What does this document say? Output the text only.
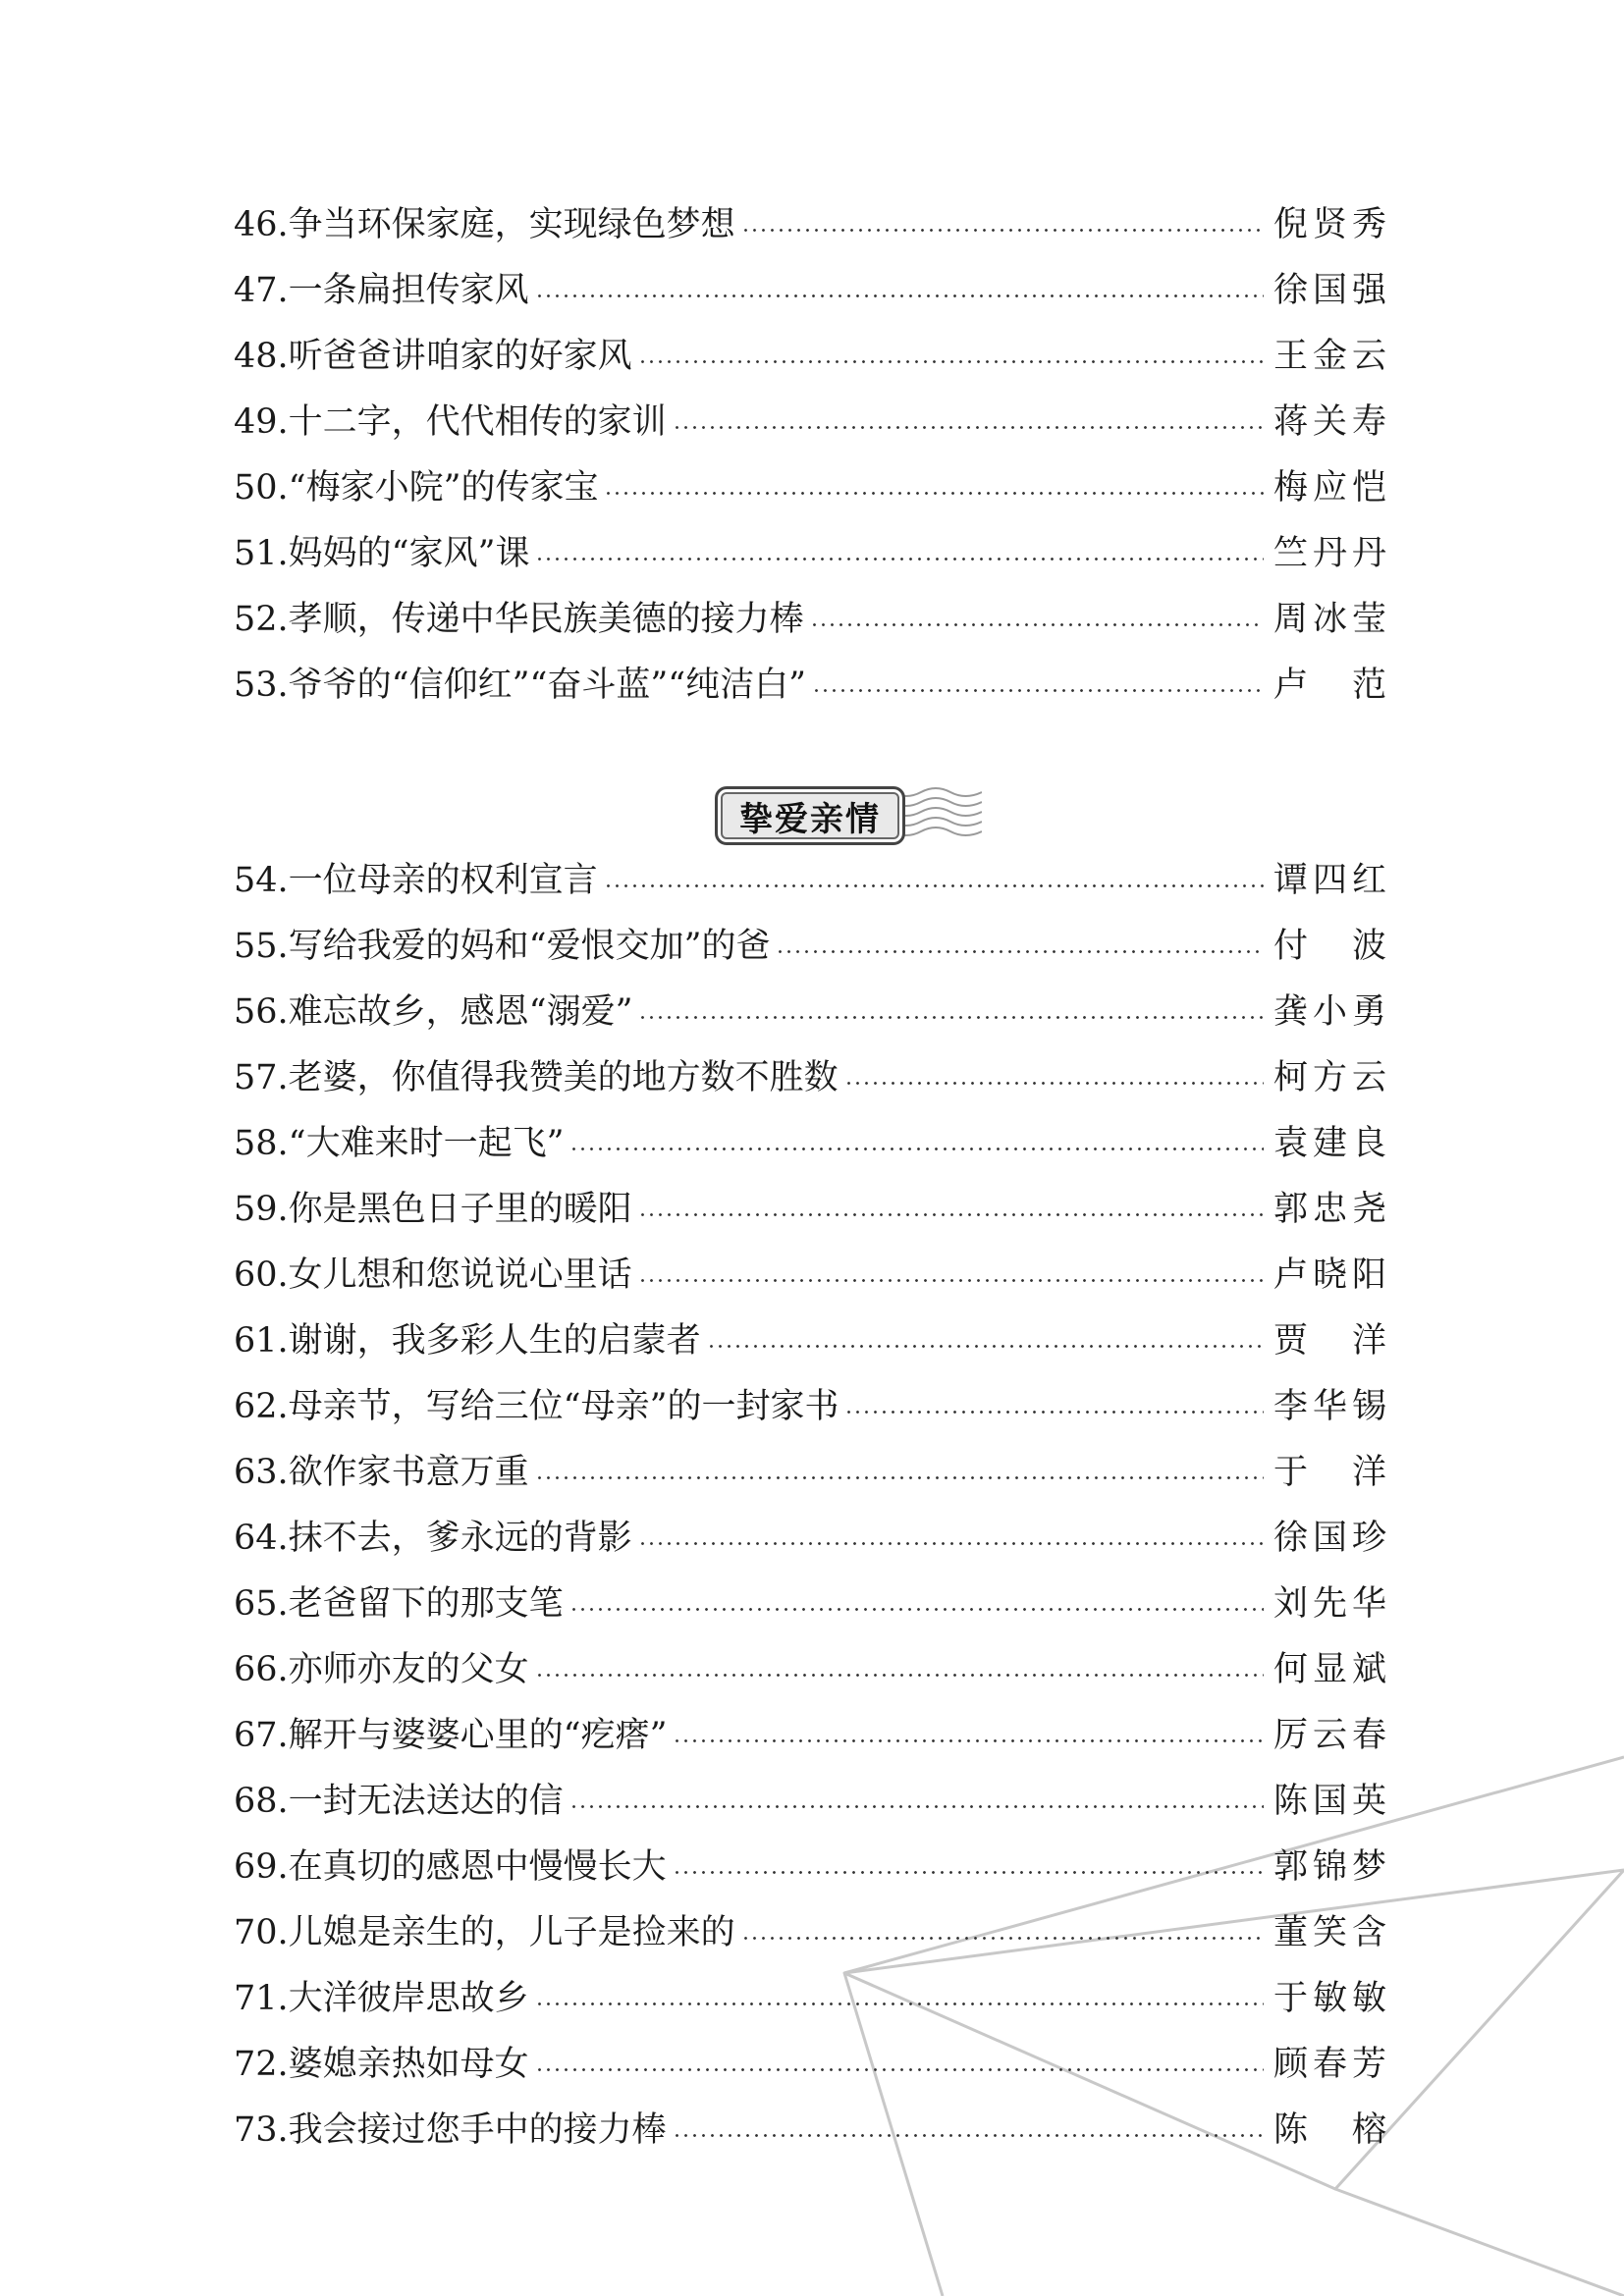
46. 争当环保家庭，实现绿色梦想	倪贤秀
47. 一条扁担传家风	徐国强
48. 听爸爸讲咱家的好家风	王金云
49. 十二字，代代相传的家训	蒋关寿
50. “梅家小院”的传家宝	梅应恺
51. 妈妈的“家风”课	竺丹丹
52. 孝顺，传递中华民族美德的接力棒	周冰莹
53. 爷爷的“信仰红”“奋斗蓝”“纯洁白”	卢范
54. 一位母亲的权利宣言	谭四红
55. 写给我爱的妈和“爱恨交加”的爸	付波
56. 难忘故乡，感恩“溺爱”	龚小勇
57. 老婆，你值得我赞美的地方数不胜数	柯方云
58. “大难来时一起飞”	袁建良
59. 你是黑色日子里的暖阳	郭忠尧
60. 女儿想和您说说心里话	卢晓阳
61. 谢谢，我多彩人生的启蒙者	贾洋
62. 母亲节，写给三位“母亲”的一封家书	李华锡
63. 欲作家书意万重	于洋
64. 抹不去，爹永远的背影	徐国珍
65. 老爸留下的那支笔	刘先华
66. 亦师亦友的父女	何显斌
67. 解开与婆婆心里的“疙瘩”	厉云春
68. 一封无法送达的信	陈国英
69. 在真切的感恩中慢慢长大	郭锦梦
70. 儿媳是亲生的，儿子是捡来的	董笑含
71. 大洋彼岸思故乡	于敏敏
72. 婆媳亲热如母女	顾春芳
73. 我会接过您手中的接力棒	陈榕
挚爱亲情
